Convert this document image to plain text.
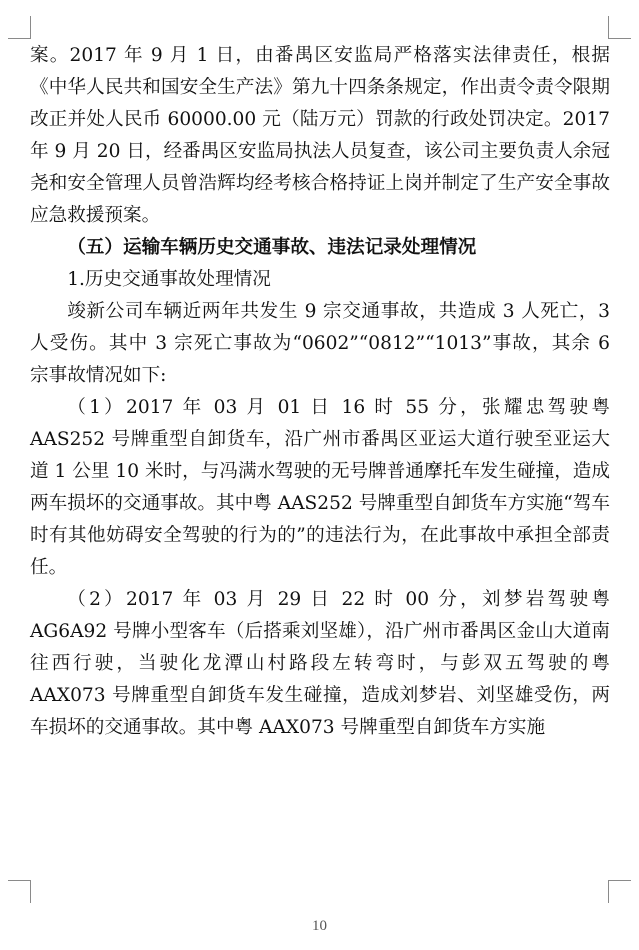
案。2017 年 9 月 1 日，由番禺区安监局严格落实法律责任，根据《中华人民共和国安全生产法》第九十四条条规定，作出责令责令限期改正并处人民币 60000.00 元（陆万元）罚款的行政处罚决定。2017 年 9 月 20 日，经番禺区安监局执法人员复查，该公司主要负责人余冠尧和安全管理人员曾浩辉均经考核合格持证上岗并制定了生产安全事故应急救援预案。

（五）运输车辆历史交通事故、违法记录处理情况

1.历史交通事故处理情况

竣新公司车辆近两年共发生 9 宗交通事故，共造成 3 人死亡，3 人受伤。其中 3 宗死亡事故为“0602”“0812”“1013”事故，其余 6 宗事故情况如下:

（1）2017 年 03 月 01 日 16 时 55 分，张耀忠驾驶粤 AAS252 号牌重型自卸货车，沿广州市番禺区亚运大道行驶至亚运大道 1 公里 10 米时，与冯满水驾驶的无号牌普通摩托车发生碰撞，造成两车损坏的交通事故。其中粤 AAS252 号牌重型自卸货车方实施“驾车时有其他妨碍安全驾驶的行为的”的违法行为，在此事故中承担全部责任。

（2）2017 年 03 月 29 日 22 时 00 分，刘梦岩驾驶粤 AG6A92 号牌小型客车（后搭乘刘坚雄），沿广州市番禺区金山大道南往西行驶，当驶化龙潭山村路段左转弯时，与彭双五驾驶的粤 AAX073 号牌重型自卸货车发生碰撞，造成刘梦岩、刘坚雄受伤，两车损坏的交通事故。其中粤 AAX073 号牌重型自卸货车方实施

10
